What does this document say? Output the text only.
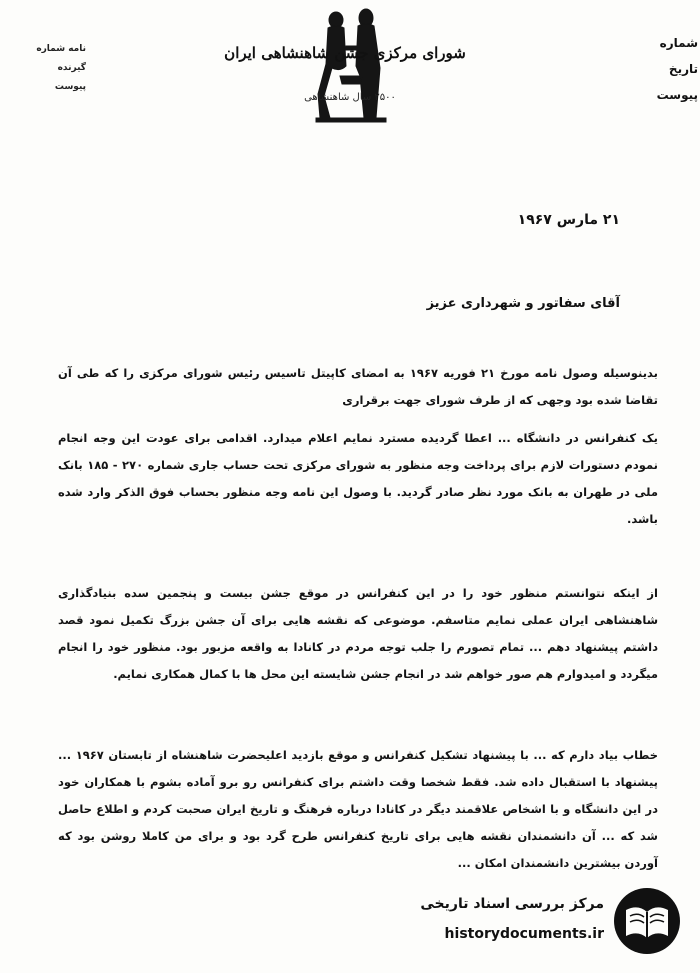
نامه شماره
گیرنده
پیوست
شورای مرکزی جشن شاهنشاهی ایران
۲۵۰۰ سال شاهنشاهی
شماره
تاریخ
پیوست
۲۱ مارس ۱۹۶۷
آقای سفاتور و شهرداری عزیز

بدینوسیله وصول نامه مورخ ۲۱ فوریه ۱۹۶۷ به امضای کاپیتل تاسیس رئیس شورای مرکزی را که طی آن تقاضا شده بود وجهی که از طرف شورای جهت برقراری

یک کنفرانس در دانشگاه ... اعطا گردیده مسترد نمایم اعلام میدارد. اقدامی برای عودت این وجه انجام نمودم دستورات لازم برای پرداخت وجه منظور به شورای مرکزی تحت حساب جاری شماره ۲۷۰ - ۱۸۵ بانک ملی در طهران به بانک مورد نظر صادر گردید. با وصول این نامه وجه منظور بحساب فوق الذکر وارد شده باشد.

از اینکه نتوانستم منظور خود را در این کنفرانس در موقع جشن بیست و پنجمین سده بنیادگذاری شاهنشاهی ایران عملی نمایم متاسفم. موضوعی که نقشه هایی برای آن جشن بزرگ تکمیل نمود قصد داشتم پیشنهاد دهم ... تمام تصورم را جلب توجه مردم در کانادا به واقعه مزبور بود. منظور خود را انجام میگردد و امیدوارم هم صور خواهم شد در انجام جشن شایسته این محل ها با کمال همکاری نمایم.

خطاب بیاد دارم که ... با پیشنهاد تشکیل کنفرانس و موقع بازدید اعلیحضرت شاهنشاه از تابستان ۱۹۶۷ ... پیشنهاد با استقبال داده شد. فقط شخصا وقت داشتم برای کنفرانس رو برو آماده بشوم با همکاران خود در این دانشگاه و با اشخاص علاقمند دیگر در کانادا درباره فرهنگ و تاریخ ایران صحبت کردم و اطلاع حاصل شد که ... آن دانشمندان نقشه هایی برای تاریخ کنفرانس طرح گرد بود و برای من کاملا روشن بود که آوردن بیشترین دانشمندان امکان ...

مرکز بررسی اسناد تاریخی
historydocuments.ir
